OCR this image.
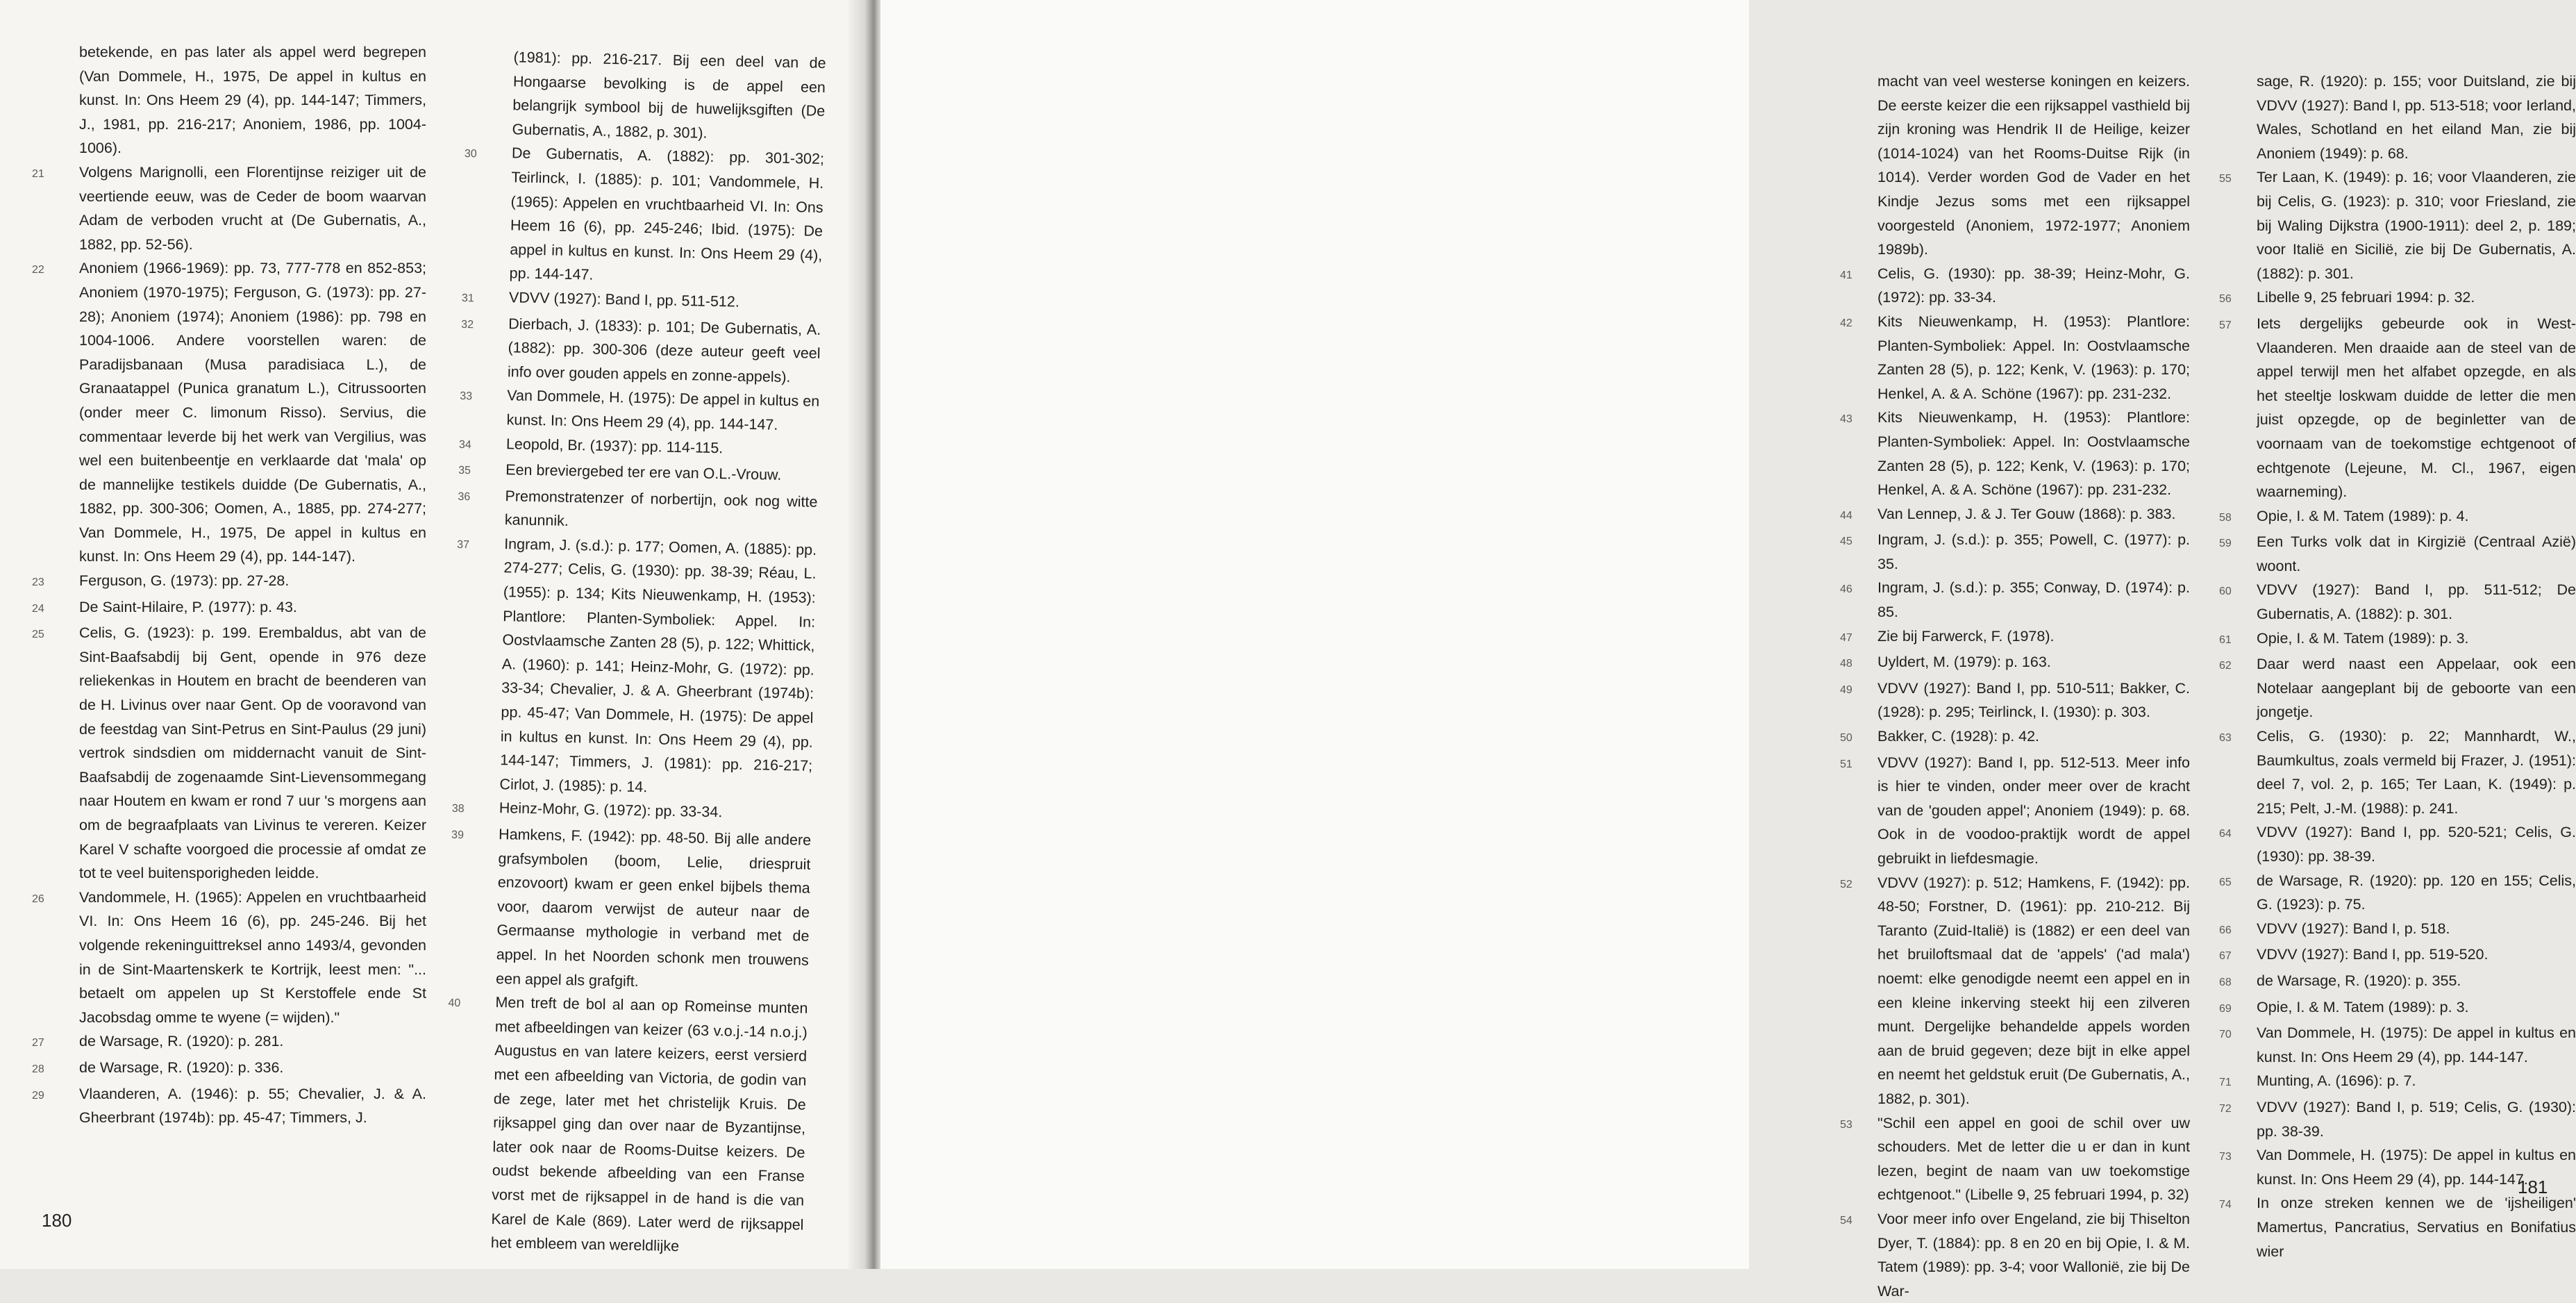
betekende, en pas later als appel werd begrepen (Van Dommele, H., 1975, De appel in kultus en kunst. In: Ons Heem 29 (4), pp. 144-147; Timmers, J., 1981, pp. 216-217; Anoniem, 1986, pp. 1004-1006).
21	Volgens Marignolli, een Florentijnse reiziger uit de veertiende eeuw, was de Ceder de boom waarvan Adam de verboden vrucht at (De Gubernatis, A., 1882, pp. 52-56).
22	Anoniem (1966-1969): pp. 73, 777-778 en 852-853; Anoniem (1970-1975); Ferguson, G. (1973): pp. 27-28); Anoniem (1974); Anoniem (1986): pp. 798 en 1004-1006. Andere voorstellen waren: de Paradijsbanaan (Musa paradisiaca L.), de Granaatappel (Punica granatum L.), Citrussoorten (onder meer C. limonum Risso). Servius, die commentaar leverde bij het werk van Vergilius, was wel een buitenbeentje en verklaarde dat 'mala' op de mannelijke testikels duidde (De Gubernatis, A., 1882, pp. 300-306; Oomen, A., 1885, pp. 274-277; Van Dommele, H., 1975, De appel in kultus en kunst. In: Ons Heem 29 (4), pp. 144-147).
23	Ferguson, G. (1973): pp. 27-28.
24	De Saint-Hilaire, P. (1977): p. 43.
25	Celis, G. (1923): p. 199. Erembaldus, abt van de Sint-Baafsabdij bij Gent, opende in 976 deze reliekenkas in Houtem en bracht de beenderen van de H. Livinus over naar Gent. Op de vooravond van de feestdag van Sint-Petrus en Sint-Paulus (29 juni) vertrok sindsdien om middernacht vanuit de Sint-Baafsabdij de zogenaamde Sint-Lievensommegang naar Houtem en kwam er rond 7 uur 's morgens aan om de begraafplaats van Livinus te vereren. Keizer Karel V schafte voorgoed die processie af omdat ze tot te veel buitensporigheden leidde.
26	Vandommele, H. (1965): Appelen en vruchtbaarheid VI. In: Ons Heem 16 (6), pp. 245-246. Bij het volgende rekeninguittreksel anno 1493/4, gevonden in de Sint-Maartenskerk te Kortrijk, leest men: "... betaelt om appelen up St Kerstoffele ende St Jacobsdag omme te wyene (= wijden)."
27	de Warsage, R. (1920): p. 281.
28	de Warsage, R. (1920): p. 336.
29	Vlaanderen, A. (1946): p. 55; Chevalier, J. & A. Gheerbrant (1974b): pp. 45-47; Timmers, J.
(1981): pp. 216-217. Bij een deel van de Hongaarse bevolking is de appel een belangrijk symbool bij de huwelijksgiften (De Gubernatis, A., 1882, p. 301).
30	De Gubernatis, A. (1882): pp. 301-302; Teirlinck, I. (1885): p. 101; Vandommele, H. (1965): Appelen en vruchtbaarheid VI. In: Ons Heem 16 (6), pp. 245-246; Ibid. (1975): De appel in kultus en kunst. In: Ons Heem 29 (4), pp. 144-147.
31	VDVV (1927): Band I, pp. 511-512.
32	Dierbach, J. (1833): p. 101; De Gubernatis, A. (1882): pp. 300-306 (deze auteur geeft veel info over gouden appels en zonne-appels).
33	Van Dommele, H. (1975): De appel in kultus en kunst. In: Ons Heem 29 (4), pp. 144-147.
34	Leopold, Br. (1937): pp. 114-115.
35	Een breviergebed ter ere van O.L.-Vrouw.
36	Premonstratenzer of norbertijn, ook nog witte kanunnik.
37	Ingram, J. (s.d.): p. 177; Oomen, A. (1885): pp. 274-277; Celis, G. (1930): pp. 38-39; Réau, L. (1955): p. 134; Kits Nieuwenkamp, H. (1953): Plantlore: Planten-Symboliek: Appel. In: Oostvlaamsche Zanten 28 (5), p. 122; Whittick, A. (1960): p. 141; Heinz-Mohr, G. (1972): pp. 33-34; Chevalier, J. & A. Gheerbrant (1974b): pp. 45-47; Van Dommele, H. (1975): De appel in kultus en kunst. In: Ons Heem 29 (4), pp. 144-147; Timmers, J. (1981): pp. 216-217; Cirlot, J. (1985): p. 14.
38	Heinz-Mohr, G. (1972): pp. 33-34.
39	Hamkens, F. (1942): pp. 48-50. Bij alle andere grafsymbolen (boom, Lelie, driespruit enzovoort) kwam er geen enkel bijbels thema voor, daarom verwijst de auteur naar de Germaanse mythologie in verband met de appel. In het Noorden schonk men trouwens een appel als grafgift.
40	Men treft de bol al aan op Romeinse munten met afbeeldingen van keizer (63 v.o.j.-14 n.o.j.) Augustus en van latere keizers, eerst versierd met een afbeelding van Victoria, de godin van de zege, later met het christelijk Kruis. De rijksappel ging dan over naar de Byzantijnse, later ook naar de Rooms-Duitse keizers. De oudst bekende afbeelding van een Franse vorst met de rijksappel in de hand is die van Karel de Kale (869). Later werd de rijksappel het embleem van wereldlijke
180
macht van veel westerse koningen en keizers. De eerste keizer die een rijksappel vasthield bij zijn kroning was Hendrik II de Heilige, keizer (1014-1024) van het Rooms-Duitse Rijk (in 1014). Verder worden God de Vader en het Kindje Jezus soms met een rijksappel voorgesteld (Anoniem, 1972-1977; Anoniem 1989b).
41	Celis, G. (1930): pp. 38-39; Heinz-Mohr, G. (1972): pp. 33-34.
42	Kits Nieuwenkamp, H. (1953): Plantlore: Planten-Symboliek: Appel. In: Oostvlaamsche Zanten 28 (5), p. 122; Kenk, V. (1963): p. 170; Henkel, A. & A. Schöne (1967): pp. 231-232.
43	Kits Nieuwenkamp, H. (1953): Plantlore: Planten-Symboliek: Appel. In: Oostvlaamsche Zanten 28 (5), p. 122; Kenk, V. (1963): p. 170; Henkel, A. & A. Schöne (1967): pp. 231-232.
44	Van Lennep, J. & J. Ter Gouw (1868): p. 383.
45	Ingram, J. (s.d.): p. 355; Powell, C. (1977): p. 35.
46	Ingram, J. (s.d.): p. 355; Conway, D. (1974): p. 85.
47	Zie bij Farwerck, F. (1978).
48	Uyldert, M. (1979): p. 163.
49	VDVV (1927): Band I, pp. 510-511; Bakker, C. (1928): p. 295; Teirlinck, I. (1930): p. 303.
50	Bakker, C. (1928): p. 42.
51	VDVV (1927): Band I, pp. 512-513. Meer info is hier te vinden, onder meer over de kracht van de 'gouden appel'; Anoniem (1949): p. 68. Ook in de voodoo-praktijk wordt de appel gebruikt in liefdesmagie.
52	VDVV (1927): p. 512; Hamkens, F. (1942): pp. 48-50; Forstner, D. (1961): pp. 210-212. Bij Taranto (Zuid-Italië) is (1882) er een deel van het bruiloftsmaal dat de 'appels' ('ad mala') noemt: elke genodigde neemt een appel en in een kleine inkerving steekt hij een zilveren munt. Dergelijke behandelde appels worden aan de bruid gegeven; deze bijt in elke appel en neemt het geldstuk eruit (De Gubernatis, A., 1882, p. 301).
53	"Schil een appel en gooi de schil over uw schouders. Met de letter die u er dan in kunt lezen, begint de naam van uw toekomstige echtgenoot." (Libelle 9, 25 februari 1994, p. 32)
54	Voor meer info over Engeland, zie bij Thiselton Dyer, T. (1884): pp. 8 en 20 en bij Opie, I. & M. Tatem (1989): pp. 3-4; voor Wallonië, zie bij De War-
sage, R. (1920): p. 155; voor Duitsland, zie bij VDVV (1927): Band I, pp. 513-518; voor Ierland, Wales, Schotland en het eiland Man, zie bij Anoniem (1949): p. 68.
55	Ter Laan, K. (1949): p. 16; voor Vlaanderen, zie bij Celis, G. (1923): p. 310; voor Friesland, zie bij Waling Dijkstra (1900-1911): deel 2, p. 189; voor Italië en Sicilië, zie bij De Gubernatis, A. (1882): p. 301.
56	Libelle 9, 25 februari 1994: p. 32.
57	Iets dergelijks gebeurde ook in West-Vlaanderen. Men draaide aan de steel van de appel terwijl men het alfabet opzegde, en als het steeltje loskwam duidde de letter die men juist opzegde, op de beginletter van de voornaam van de toekomstige echtgenoot of echtgenote (Lejeune, M. Cl., 1967, eigen waarneming).
58	Opie, I. & M. Tatem (1989): p. 4.
59	Een Turks volk dat in Kirgizië (Centraal Azië) woont.
60	VDVV (1927): Band I, pp. 511-512; De Gubernatis, A. (1882): p. 301.
61	Opie, I. & M. Tatem (1989): p. 3.
62	Daar werd naast een Appelaar, ook een Notelaar aangeplant bij de geboorte van een jongetje.
63	Celis, G. (1930): p. 22; Mannhardt, W., Baumkultus, zoals vermeld bij Frazer, J. (1951): deel 7, vol. 2, p. 165; Ter Laan, K. (1949): p. 215; Pelt, J.-M. (1988): p. 241.
64	VDVV (1927): Band I, pp. 520-521; Celis, G. (1930): pp. 38-39.
65	de Warsage, R. (1920): pp. 120 en 155; Celis, G. (1923): p. 75.
66	VDVV (1927): Band I, p. 518.
67	VDVV (1927): Band I, pp. 519-520.
68	de Warsage, R. (1920): p. 355.
69	Opie, I. & M. Tatem (1989): p. 3.
70	Van Dommele, H. (1975): De appel in kultus en kunst. In: Ons Heem 29 (4), pp. 144-147.
71	Munting, A. (1696): p. 7.
72	VDVV (1927): Band I, p. 519; Celis, G. (1930): pp. 38-39.
73	Van Dommele, H. (1975): De appel in kultus en kunst. In: Ons Heem 29 (4), pp. 144-147.
74	In onze streken kennen we de 'ijsheiligen' Mamertus, Pancratius, Servatius en Bonifatius wier
181
